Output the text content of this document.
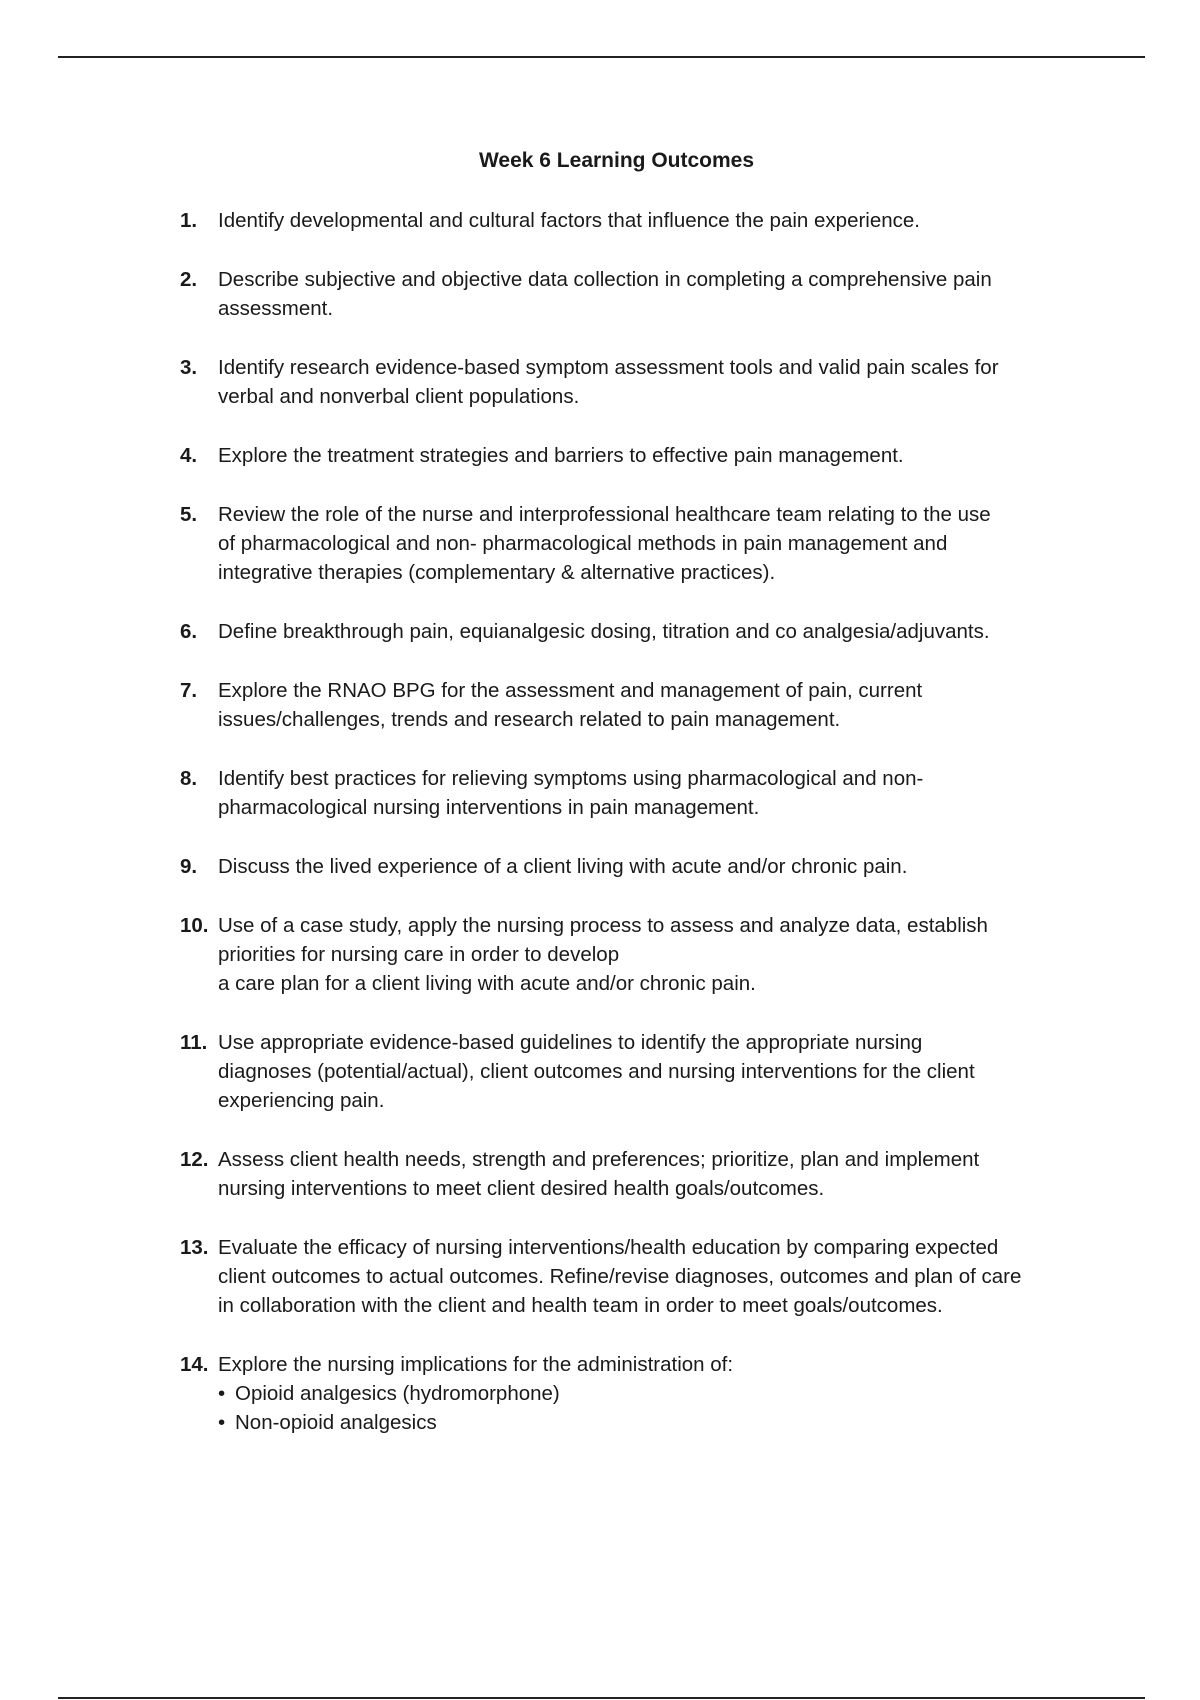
Week 6 Learning Outcomes
1.	Identify developmental and cultural factors that influence the pain experience.
2.	Describe subjective and objective data collection in completing a comprehensive pain
assessment.
3.	Identify research evidence-based symptom assessment tools and valid pain scales for
verbal and nonverbal client populations.
4.	Explore the treatment strategies and barriers to effective pain management.
5.	Review the role of the nurse and interprofessional healthcare team relating to the use
of pharmacological and non- pharmacological methods in pain management and
integrative therapies (complementary & alternative practices).
6.	Define breakthrough pain, equianalgesic dosing, titration and co analgesia/adjuvants.
7.	Explore the RNAO BPG for the assessment and management of pain, current
issues/challenges, trends and research related to pain management.
8.	Identify best practices for relieving symptoms using pharmacological and non-
pharmacological nursing interventions in pain management.
9.	Discuss the lived experience of a client living with acute and/or chronic pain.
10. Use of a case study, apply the nursing process to assess and analyze data, establish
priorities for nursing care in order to develop
a care plan for a client living with acute and/or chronic pain.
11. Use appropriate evidence-based guidelines to identify the appropriate nursing
diagnoses (potential/actual), client outcomes and nursing interventions for the client
experiencing pain.
12. Assess client health needs, strength and preferences; prioritize, plan and implement
nursing interventions to meet client desired health goals/outcomes.
13. Evaluate the efficacy of nursing interventions/health education by comparing expected
client outcomes to actual outcomes. Refine/revise diagnoses, outcomes and plan of care
in collaboration with the client and health team in order to meet goals/outcomes.
14. Explore the nursing implications for the administration of:
• Opioid analgesics (hydromorphone)
• Non-opioid analgesics
